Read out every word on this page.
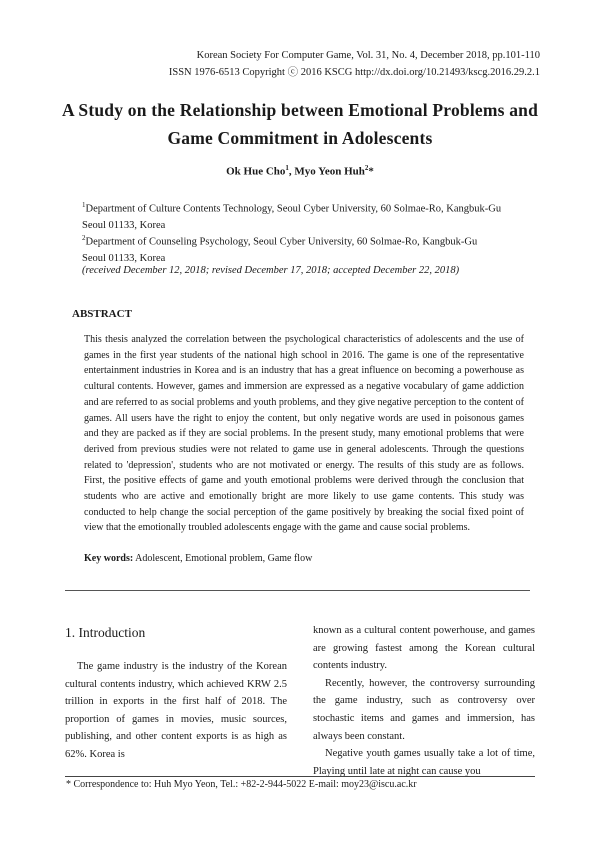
Korean Society For Computer Game, Vol. 31, No. 4, December 2018, pp.101-110
ISSN 1976-6513 Copyright ⓒ 2016 KSCG http://dx.doi.org/10.21493/kscg.2016.29.2.1
A Study on the Relationship between Emotional Problems and
Game Commitment in Adolescents
Ok Hue Cho$^1$, Myo Yeon Huh$^2$*
$^1$Department of Culture Contents Technology, Seoul Cyber University, 60 Solmae-Ro, Kangbuk-Gu
Seoul 01133, Korea
$^2$Department of Counseling Psychology, Seoul Cyber University, 60 Solmae-Ro, Kangbuk-Gu
Seoul 01133, Korea
(received December 12, 2018; revised December 17, 2018; accepted December 22, 2018)
ABSTRACT
This thesis analyzed the correlation between the psychological characteristics of adolescents and the use of games in the first year students of the national high school in 2016. The game is one of the representative entertainment industries in Korea and is an industry that has a great influence on becoming a powerhouse as cultural contents. However, games and immersion are expressed as a negative vocabulary of game addiction and are referred to as social problems and youth problems, and they give negative perception to the content of games. All users have the right to enjoy the content, but only negative words are used in poisonous games and they are packed as if they are social problems. In the present study, many emotional problems that were derived from previous studies were not related to game use in general adolescents. Through the questions related to 'depression', students who are not motivated or energy. The results of this study are as follows. First, the positive effects of game and youth emotional problems were derived through the conclusion that students who are active and emotionally bright are more likely to use game contents. This study was conducted to help change the social perception of the game positively by breaking the social fixed point of view that the emotionally troubled adolescents engage with the game and cause social problems.
Key words: Adolescent, Emotional problem, Game flow
1. Introduction

The game industry is the industry of the Korean cultural contents industry, which achieved KRW 2.5 trillion in exports in the first half of 2018. The proportion of games in movies, music sources, publishing, and other content exports is as high as 62%. Korea is

known as a cultural content powerhouse, and games are growing fastest among the Korean cultural contents industry.

Recently, however, the controversy surrounding the game industry, such as controversy over stochastic items and games and immersion, has always been constant.

Negative youth games usually take a lot of time, Playing until late at night can cause you

* Correspondence to: Huh Myo Yeon, Tel.: +82-2-944-5022 E-mail: moy23@iscu.ac.kr
